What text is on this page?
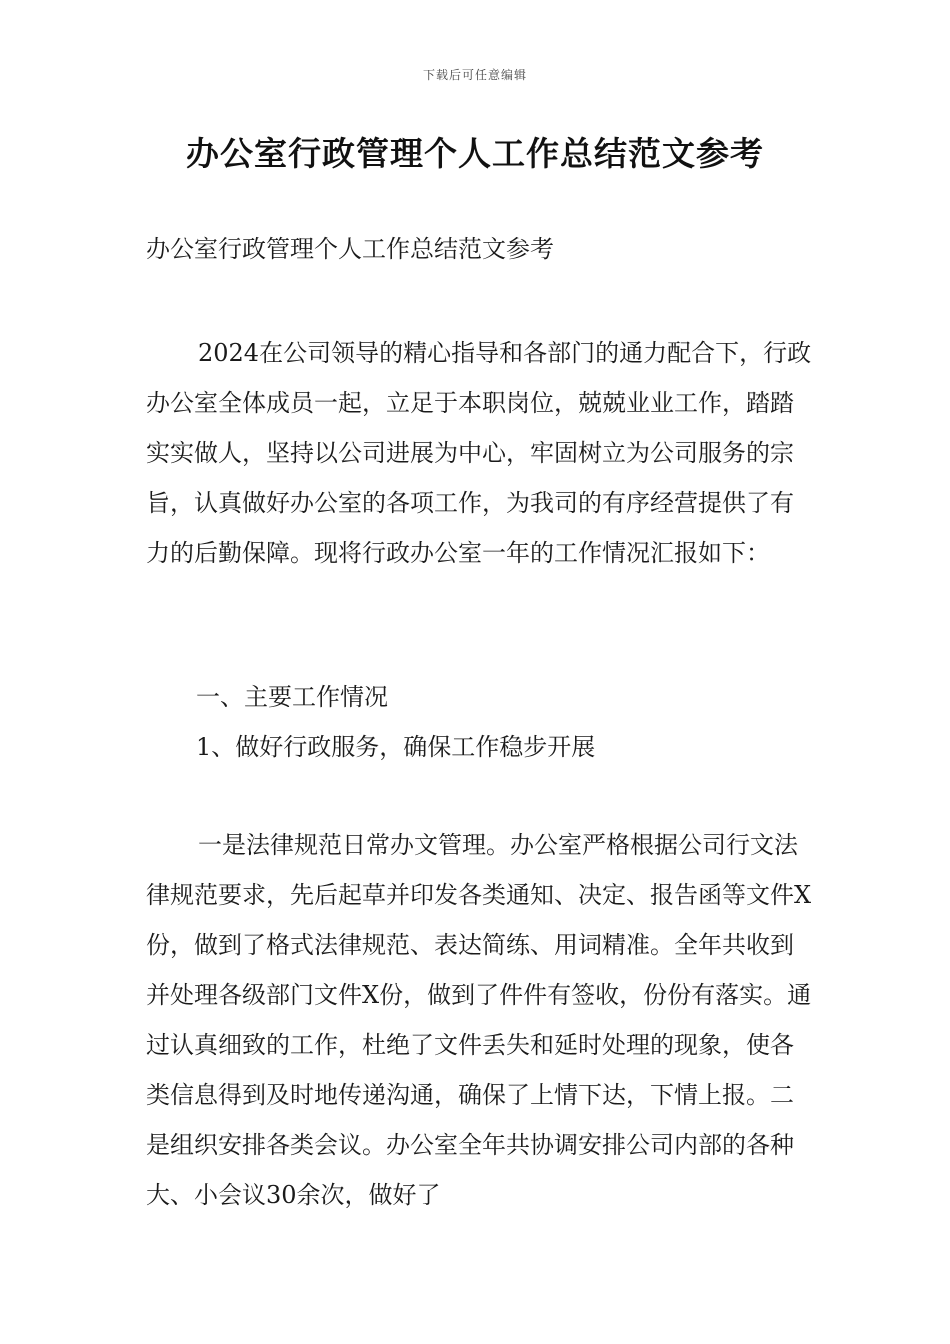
下载后可任意编辑
办公室行政管理个人工作总结范文参考

办公室行政管理个人工作总结范文参考

2024在公司领导的精心指导和各部门的通力配合下，行政办公室全体成员一起，立足于本职岗位，兢兢业业工作，踏踏实实做人，坚持以公司进展为中心，牢固树立为公司服务的宗旨，认真做好办公室的各项工作，为我司的有序经营提供了有力的后勤保障。现将行政办公室一年的工作情况汇报如下：

一、主要工作情况

1、做好行政服务，确保工作稳步开展

一是法律规范日常办文管理。办公室严格根据公司行文法律规范要求，先后起草并印发各类通知、决定、报告函等文件X份，做到了格式法律规范、表达简练、用词精准。全年共收到并处理各级部门文件X份，做到了件件有签收，份份有落实。通过认真细致的工作，杜绝了文件丢失和延时处理的现象，使各类信息得到及时地传递沟通，确保了上情下达，下情上报。二是组织安排各类会议。办公室全年共协调安排公司内部的各种大、小会议30余次，做好了
